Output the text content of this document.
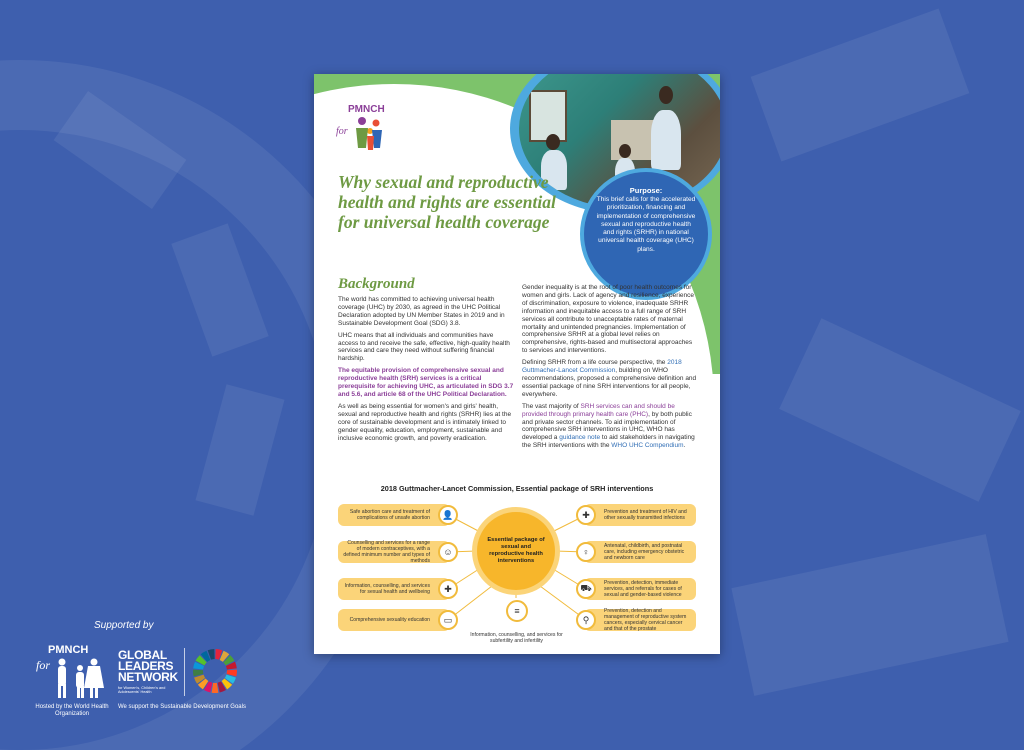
Purpose:
This brief calls for the accelerated prioritization, financing and implementation of comprehensive sexual and reproductive health and rights (SRHR) in national universal health coverage (UHC) plans.
PMNCH
for
Why sexual and reproductive health and rights are essential for universal health coverage
Background

The world has committed to achieving universal health coverage (UHC) by 2030, as agreed in the UHC Political Declaration adopted by UN Member States in 2019 and in Sustainable Development Goal (SDG) 3.8.

UHC means that all individuals and communities have access to and receive the safe, effective, high-quality health services and care they need without suffering financial hardship.

The equitable provision of comprehensive sexual and reproductive health (SRH) services is a critical prerequisite for achieving UHC, as articulated in SDG 3.7 and 5.6, and article 68 of the UHC Political Declaration.

As well as being essential for women's and girls' health, sexual and reproductive health and rights (SRHR) lies at the core of sustainable development and is intimately linked to gender equality, education, employment, sustainable and inclusive economic growth, and poverty eradication.

Gender inequality is at the root of poor health outcomes for women and girls. Lack of agency and resilience, experience of discrimination, exposure to violence, inadequate SRHR information and inequitable access to a full range of SRH services all contribute to unacceptable rates of maternal mortality and unintended pregnancies. Implementation of comprehensive SRHR at a global level relies on comprehensive, rights-based and multisectoral approaches to services and interventions.

Defining SRHR from a life course perspective, the 2018 Guttmacher-Lancet Commission, building on WHO recommendations, proposed a comprehensive definition and essential package of nine SRH interventions for all people, everywhere.

The vast majority of SRH services can and should be provided through primary health care (PHC), by both public and private sector channels. To aid implementation of comprehensive SRH interventions in UHC, WHO has developed a guidance note to aid stakeholders in navigating the SRH interventions with the WHO UHC Compendium.

2018 Guttmacher-Lancet Commission, Essential package of SRH interventions
Essential package of sexual and reproductive health interventions
Safe abortion care and treatment of complications of unsafe abortion	👤
Counselling and services for a range of modern contraceptives, with a defined minimum number and types of methods
☺
Information, counselling, and services for sexual health and wellbeing	✚
Comprehensive sexuality education	▭
Prevention and treatment of HIV and other sexually transmitted infections
✚
Antenatal, childbirth, and postnatal care, including emergency obstetric and newborn care
♀
Prevention, detection, immediate services, and referrals for cases of sexual and gender-based violence
⛟
Prevention, detection and management of reproductive system cancers, especially cervical cancer and that of the prostate
⚲
≡
Information, counselling, and services for subfertility and infertility
Supported by
PMNCH
for
Hosted by the World Health Organization
GLOBAL
LEADERS
NETWORK
for Women's, Children's and Adolescents' Health
We support the Sustainable Development Goals
